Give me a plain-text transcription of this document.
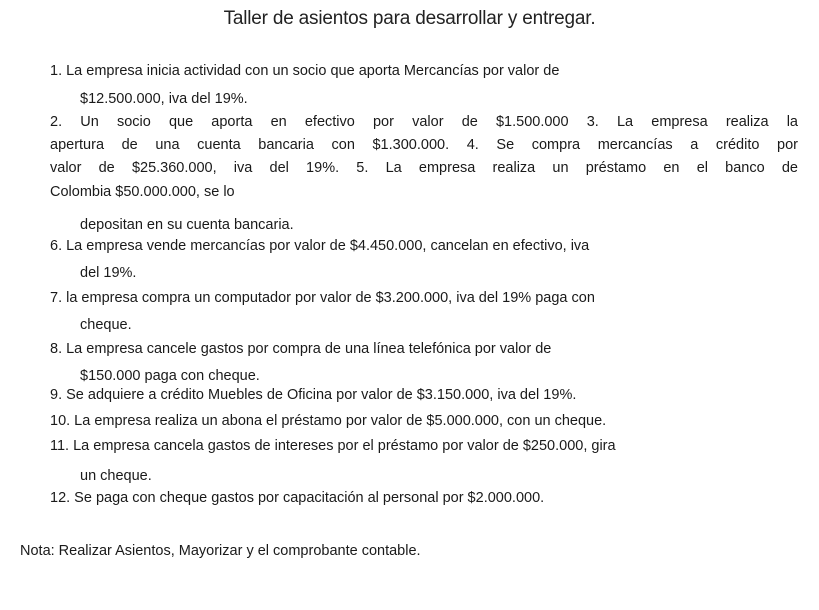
Taller de asientos para desarrollar y entregar.
1. La empresa inicia actividad con un socio que aporta Mercancías por valor de
$12.500.000, iva del 19%.
2. Un socio que aporta en efectivo por valor de $1.500.000 3. La empresa realiza la
apertura de una cuenta bancaria con $1.300.000. 4. Se compra mercancías a crédito por
valor de $25.360.000, iva del 19%. 5. La empresa realiza un préstamo en el banco de
Colombia $50.000.000, se lo
depositan en su cuenta bancaria.
6. La empresa vende mercancías por valor de $4.450.000, cancelan en efectivo, iva
del 19%.
7. la empresa compra un computador por valor de $3.200.000, iva del 19% paga con
cheque.
8. La empresa cancele gastos por compra de una línea telefónica por valor de
$150.000 paga con cheque.
9. Se adquiere a crédito Muebles de Oficina por valor de $3.150.000, iva del 19%.
10. La empresa realiza un abona el préstamo por valor de $5.000.000, con un cheque.
11. La empresa cancela gastos de intereses por el préstamo por valor de $250.000, gira
un cheque.
12. Se paga con cheque gastos por capacitación al personal por $2.000.000.
Nota: Realizar Asientos, Mayorizar y el comprobante contable.
